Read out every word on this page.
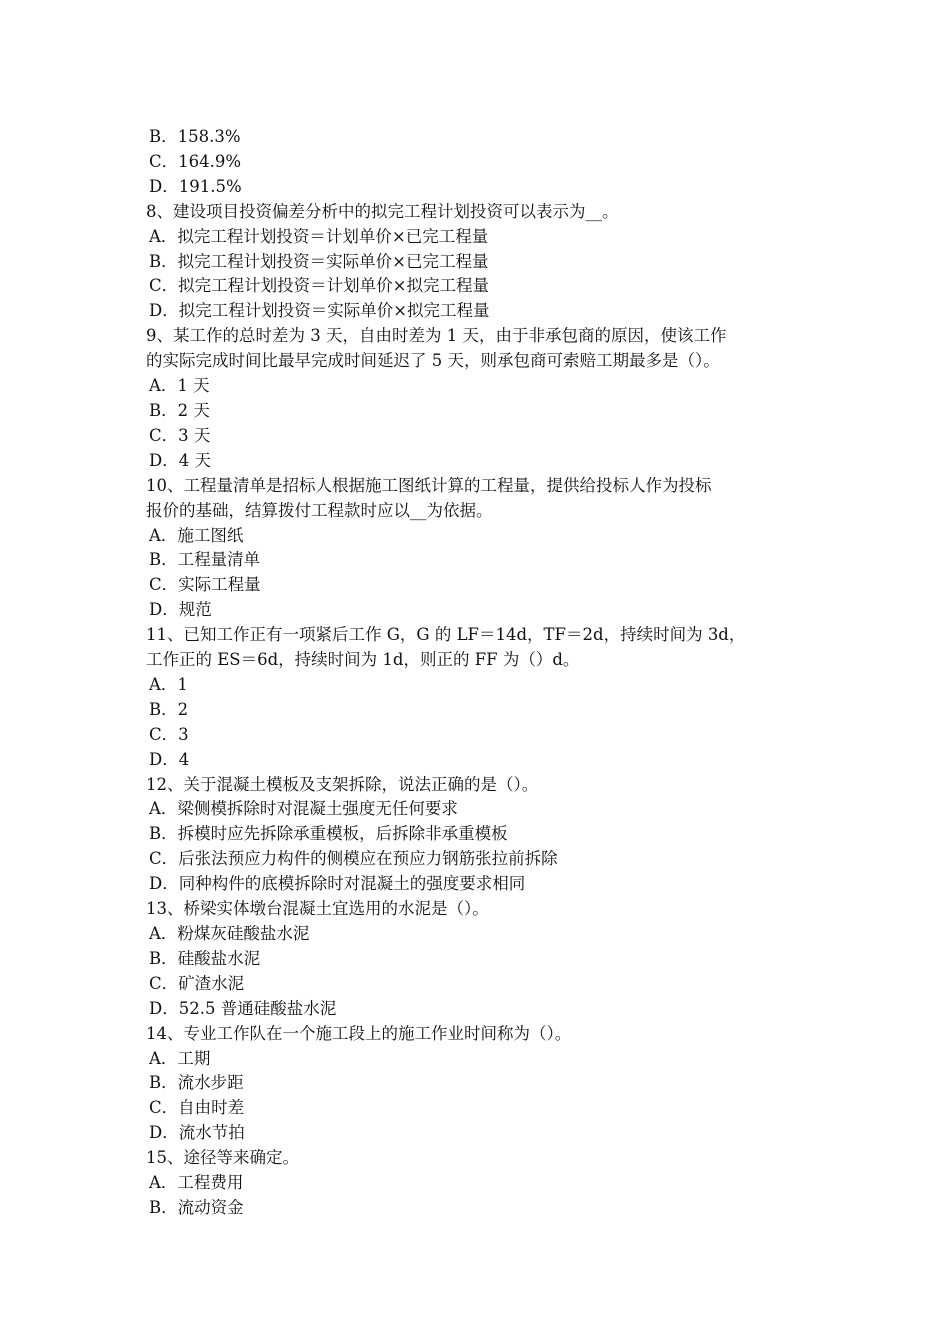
B．158.3%
C．164.9%
D．191.5%
8、建设项目投资偏差分析中的拟完工程计划投资可以表示为__。
A．拟完工程计划投资＝计划单价×已完工程量
B．拟完工程计划投资＝实际单价×已完工程量
C．拟完工程计划投资＝计划单价×拟完工程量
D．拟完工程计划投资＝实际单价×拟完工程量
9、某工作的总时差为 3 天，自由时差为 1 天，由于非承包商的原因，使该工作
的实际完成时间比最早完成时间延迟了 5 天，则承包商可索赔工期最多是（）。
A．1 天
B．2 天
C．3 天
D．4 天
10、工程量清单是招标人根据施工图纸计算的工程量，提供给投标人作为投标
报价的基础，结算拨付工程款时应以__为依据。
A．施工图纸
B．工程量清单
C．实际工程量
D．规范
11、已知工作正有一项紧后工作 G，G 的 LF＝14d，TF＝2d，持续时间为 3d，
工作正的 ES＝6d，持续时间为 1d，则正的 FF 为（）d。
A．1
B．2
C．3
D．4
12、关于混凝土模板及支架拆除，说法正确的是（）。
A．梁侧模拆除时对混凝土强度无任何要求
B．拆模时应先拆除承重模板，后拆除非承重模板
C．后张法预应力构件的侧模应在预应力钢筋张拉前拆除
D．同种构件的底模拆除时对混凝土的强度要求相同
13、桥梁实体墩台混凝土宜选用的水泥是（）。
A．粉煤灰硅酸盐水泥
B．硅酸盐水泥
C．矿渣水泥
D．52.5 普通硅酸盐水泥
14、专业工作队在一个施工段上的施工作业时间称为（）。
A．工期
B．流水步距
C．自由时差
D．流水节拍
15、途径等来确定。
A．工程费用
B．流动资金
